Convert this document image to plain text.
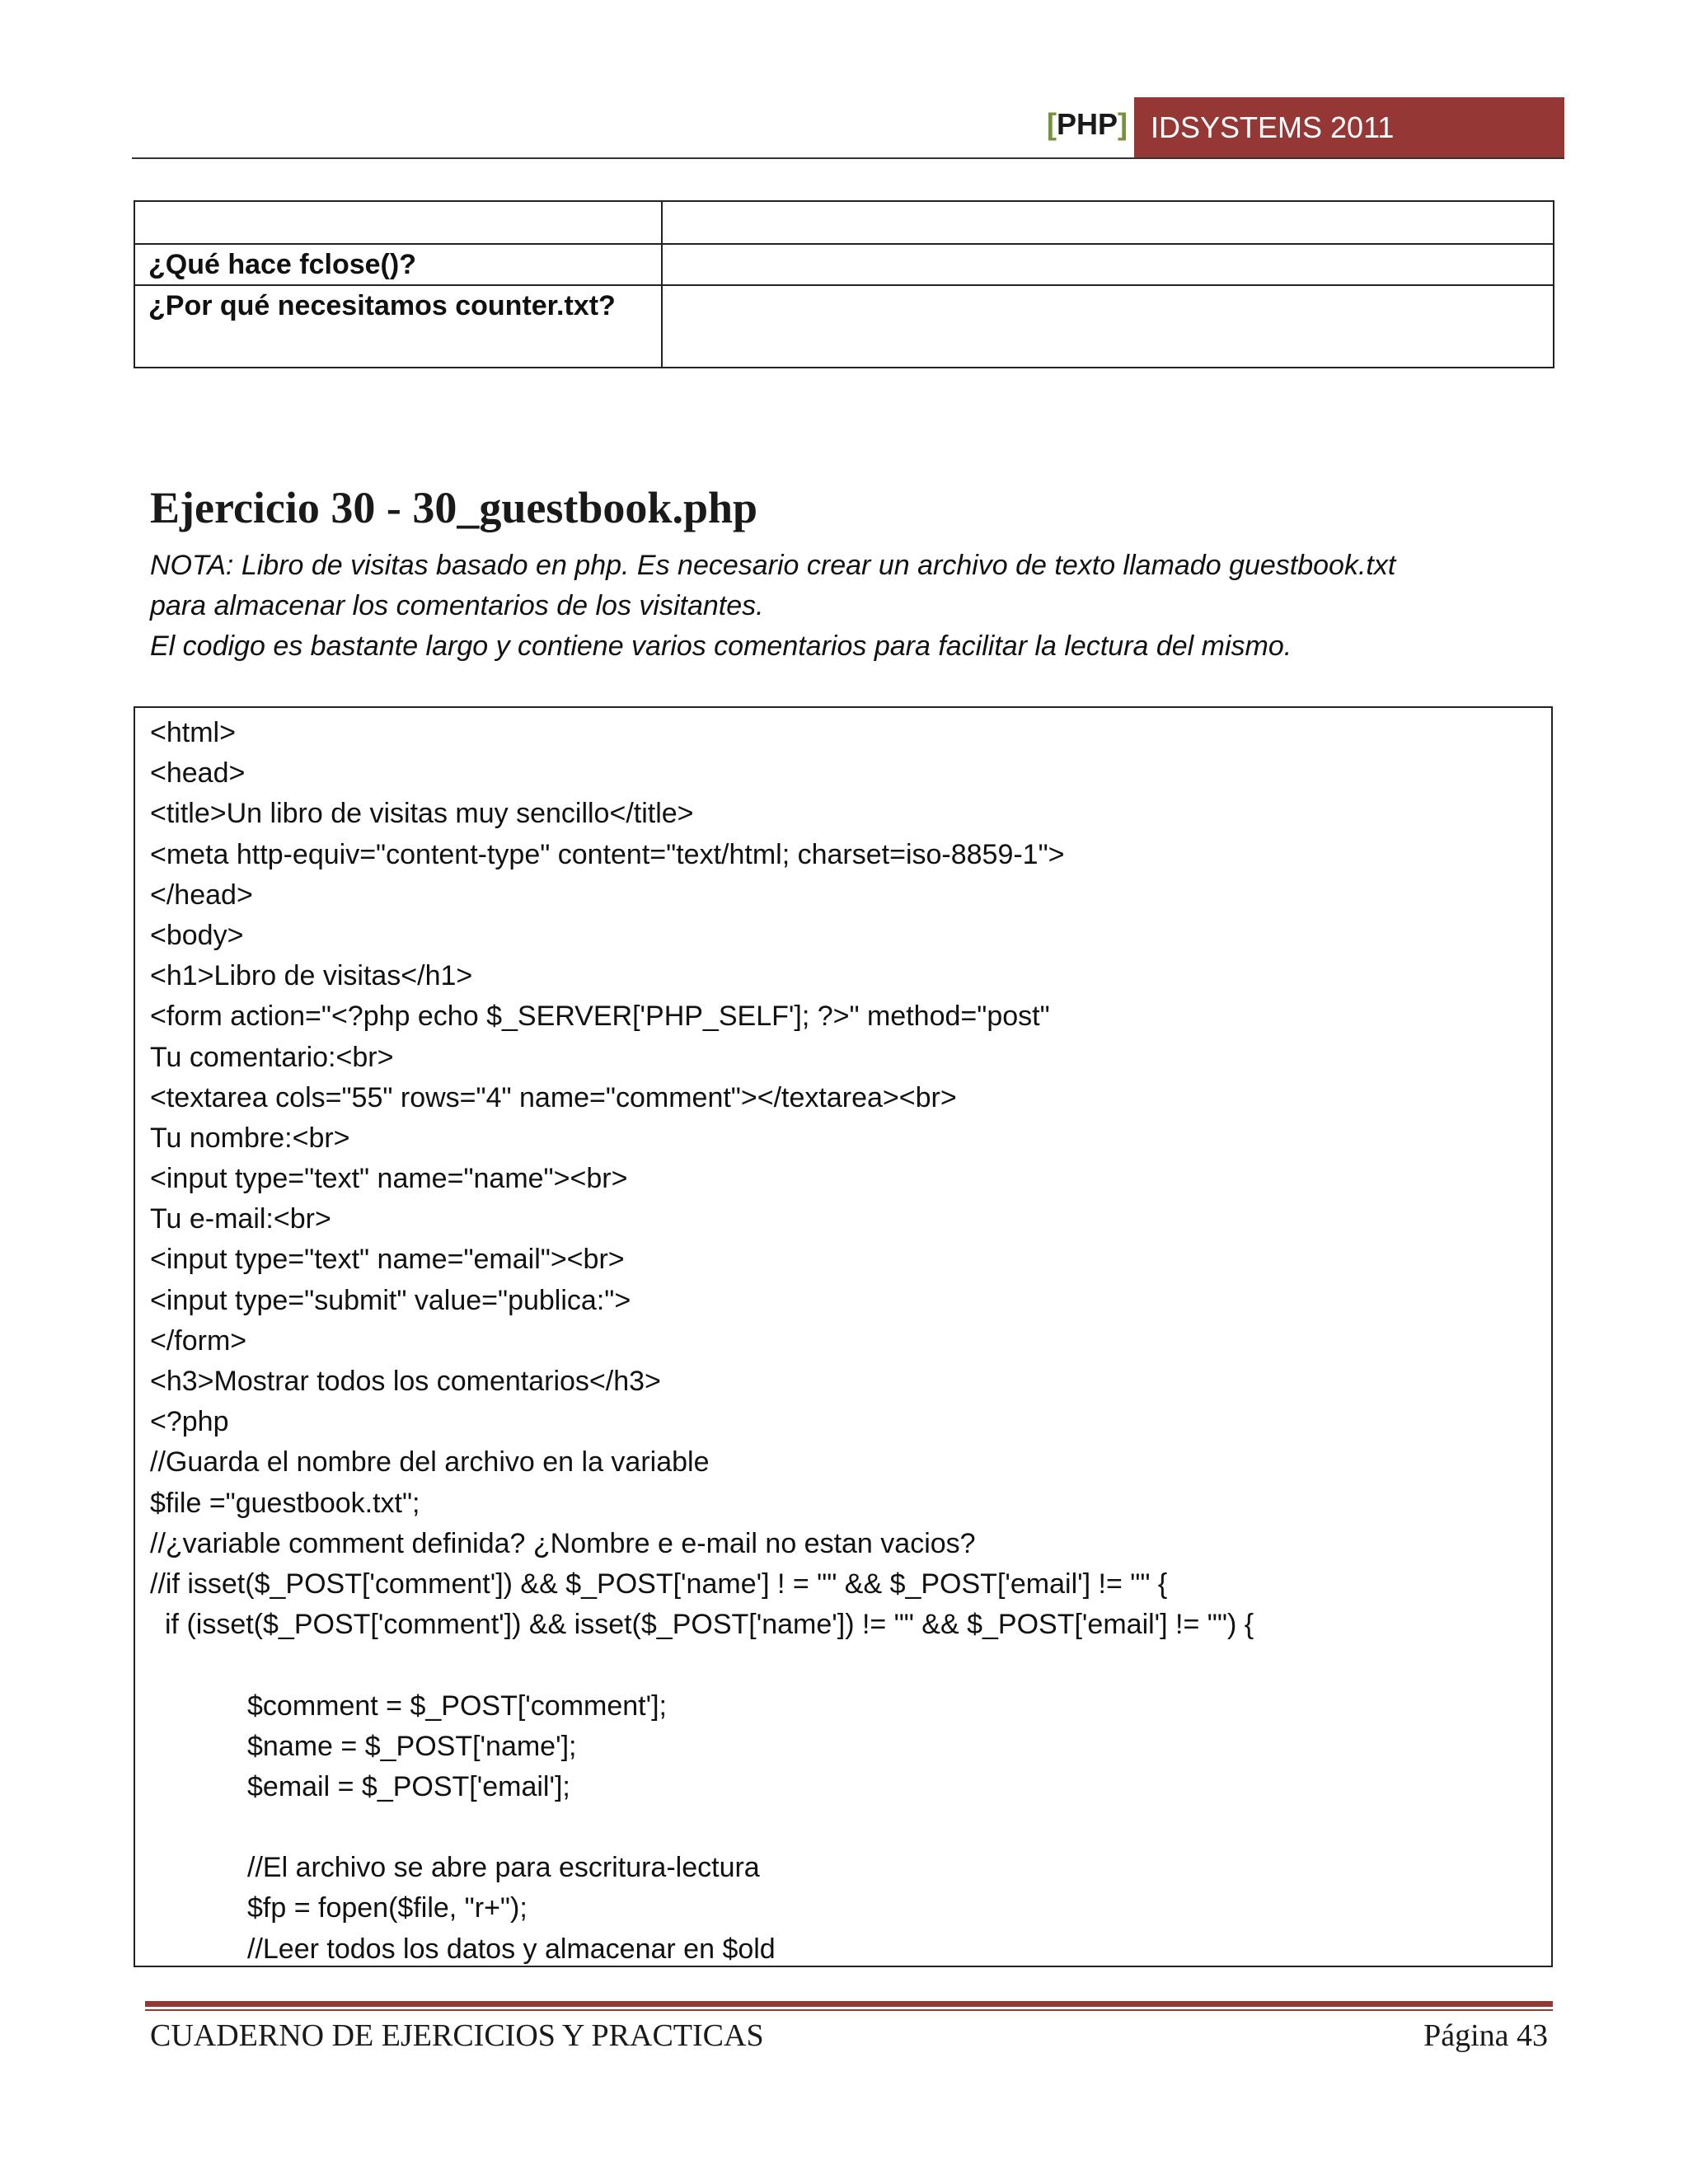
[PHP] IDSYSTEMS 2011

¿Qué hace fclose()?	
¿Por qué necesitamos counter.txt?	
Ejercicio 30 - 30_guestbook.php

NOTA: Libro de visitas basado en php. Es necesario crear un archivo de texto llamado guestbook.txt

para almacenar los comentarios de los visitantes.

El codigo es bastante largo y contiene varios comentarios para facilitar la lectura del mismo.

<html>
<head>
<title>Un libro de visitas muy sencillo</title>
<meta http-equiv="content-type" content="text/html; charset=iso-8859-1">
</head>
<body>
<h1>Libro de visitas</h1>
<form action="<?php echo $_SERVER['PHP_SELF']; ?>" method="post"
Tu comentario:<br>
<textarea cols="55" rows="4" name="comment"></textarea><br>
Tu nombre:<br>
<input type="text" name="name"><br>
Tu e-mail:<br>
<input type="text" name="email"><br>
<input type="submit" value="publica:">
</form>
<h3>Mostrar todos los comentarios</h3>
<?php
//Guarda el nombre del archivo en la variable
$file ="guestbook.txt";
//¿variable comment definida? ¿Nombre e e-mail no estan vacios?
//if isset($_POST['comment']) && $_POST['name'] ! = "" && $_POST['email'] != "" {
if (isset($_POST['comment']) && isset($_POST['name']) != "" && $_POST['email'] != "") {
$comment = $_POST['comment'];
$name = $_POST['name'];
$email = $_POST['email'];
//El archivo se abre para escritura-lectura
$fp = fopen($file, "r+");
//Leer todos los datos y almacenar en $old
CUADERNO DE EJERCICIOS Y PRACTICAS	Página 43
